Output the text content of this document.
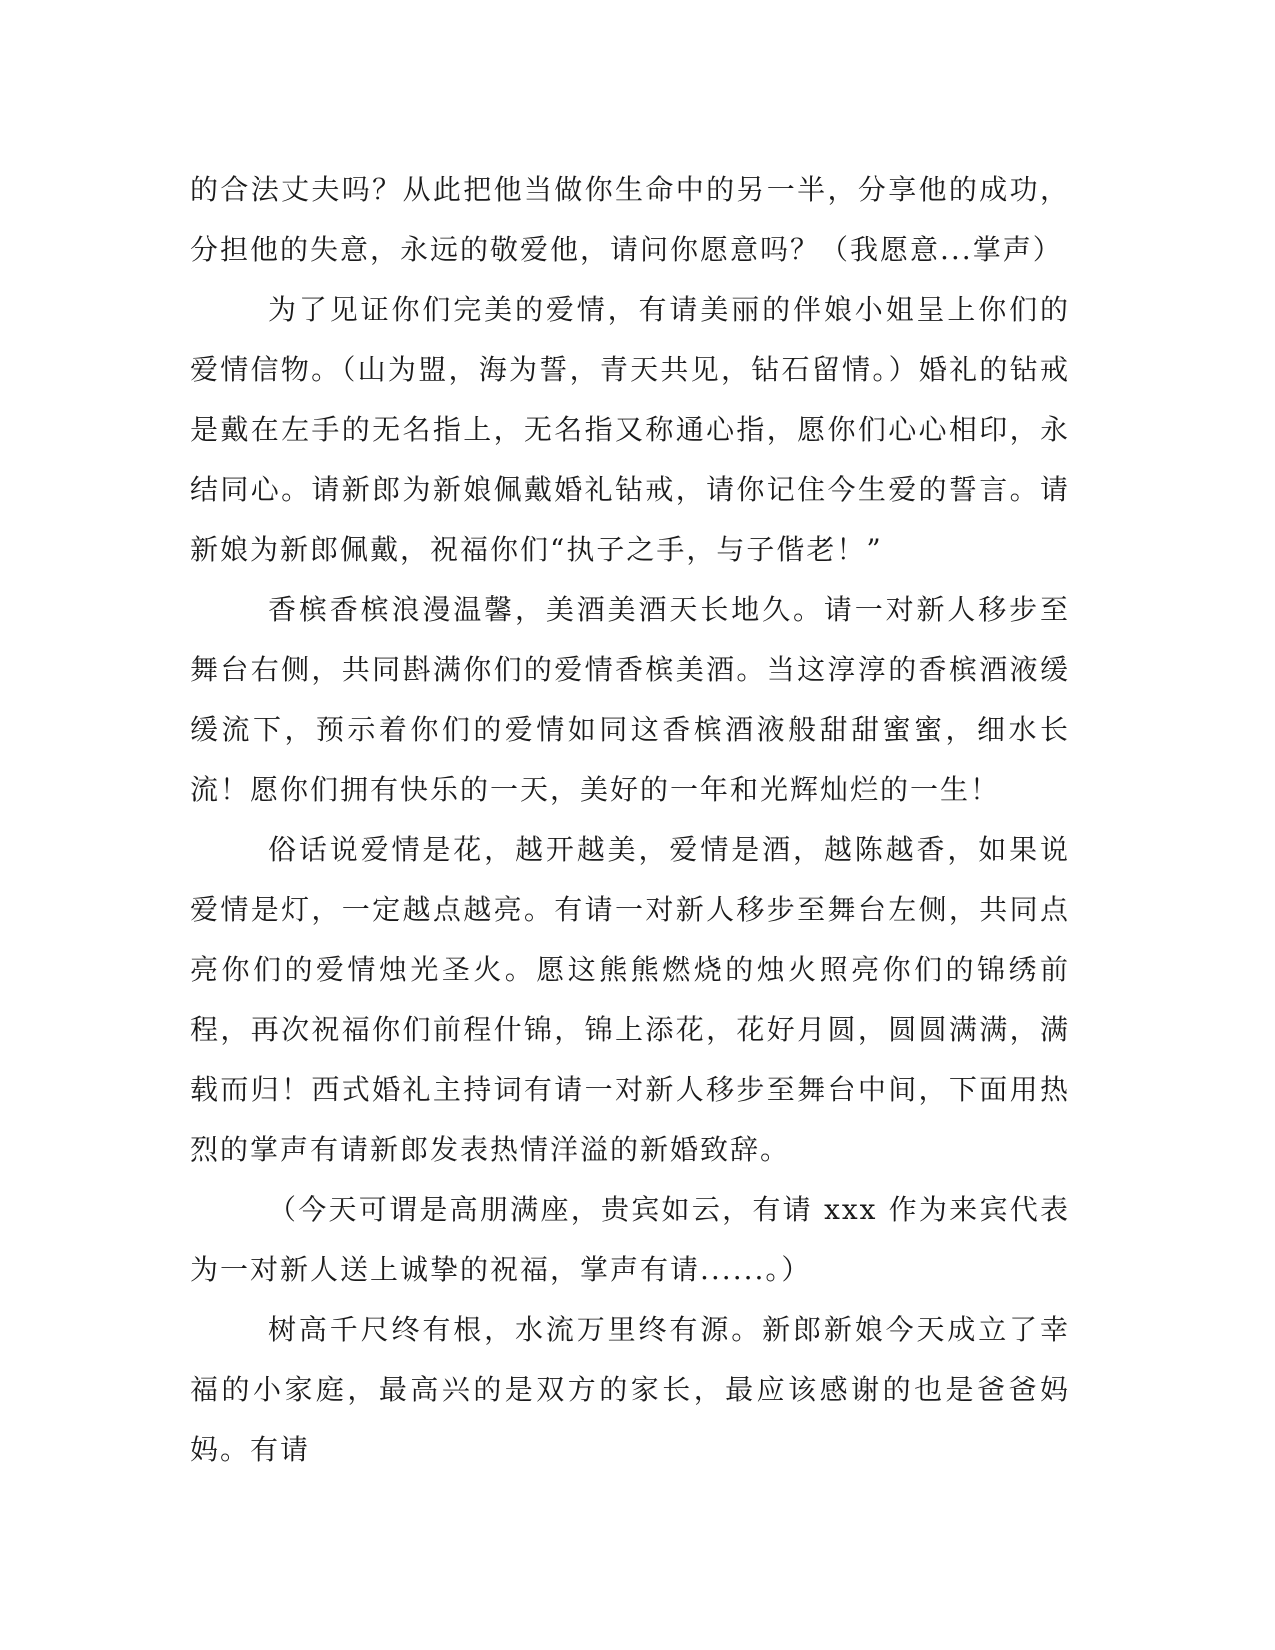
的合法丈夫吗？从此把他当做你生命中的另一半，分享他的成功，分担他的失意，永远的敬爱他，请问你愿意吗？（我愿意...掌声）

为了见证你们完美的爱情，有请美丽的伴娘小姐呈上你们的爱情信物。（山为盟，海为誓，青天共见，钻石留情。）婚礼的钻戒是戴在左手的无名指上，无名指又称通心指，愿你们心心相印，永结同心。请新郎为新娘佩戴婚礼钻戒，请你记住今生爱的誓言。请新娘为新郎佩戴，祝福你们“执子之手，与子偕老！”

香槟香槟浪漫温馨，美酒美酒天长地久。请一对新人移步至舞台右侧，共同斟满你们的爱情香槟美酒。当这淳淳的香槟酒液缓缓流下，预示着你们的爱情如同这香槟酒液般甜甜蜜蜜，细水长流！愿你们拥有快乐的一天，美好的一年和光辉灿烂的一生！

俗话说爱情是花，越开越美，爱情是酒，越陈越香，如果说爱情是灯，一定越点越亮。有请一对新人移步至舞台左侧，共同点亮你们的爱情烛光圣火。愿这熊熊燃烧的烛火照亮你们的锦绣前程，再次祝福你们前程什锦，锦上添花，花好月圆，圆圆满满，满载而归！西式婚礼主持词有请一对新人移步至舞台中间，下面用热烈的掌声有请新郎发表热情洋溢的新婚致辞。

（今天可谓是高朋满座，贵宾如云，有请 xxx 作为来宾代表为一对新人送上诚挚的祝福，掌声有请......。）

树高千尺终有根，水流万里终有源。新郎新娘今天成立了幸福的小家庭，最高兴的是双方的家长，最应该感谢的也是爸爸妈妈。有请
